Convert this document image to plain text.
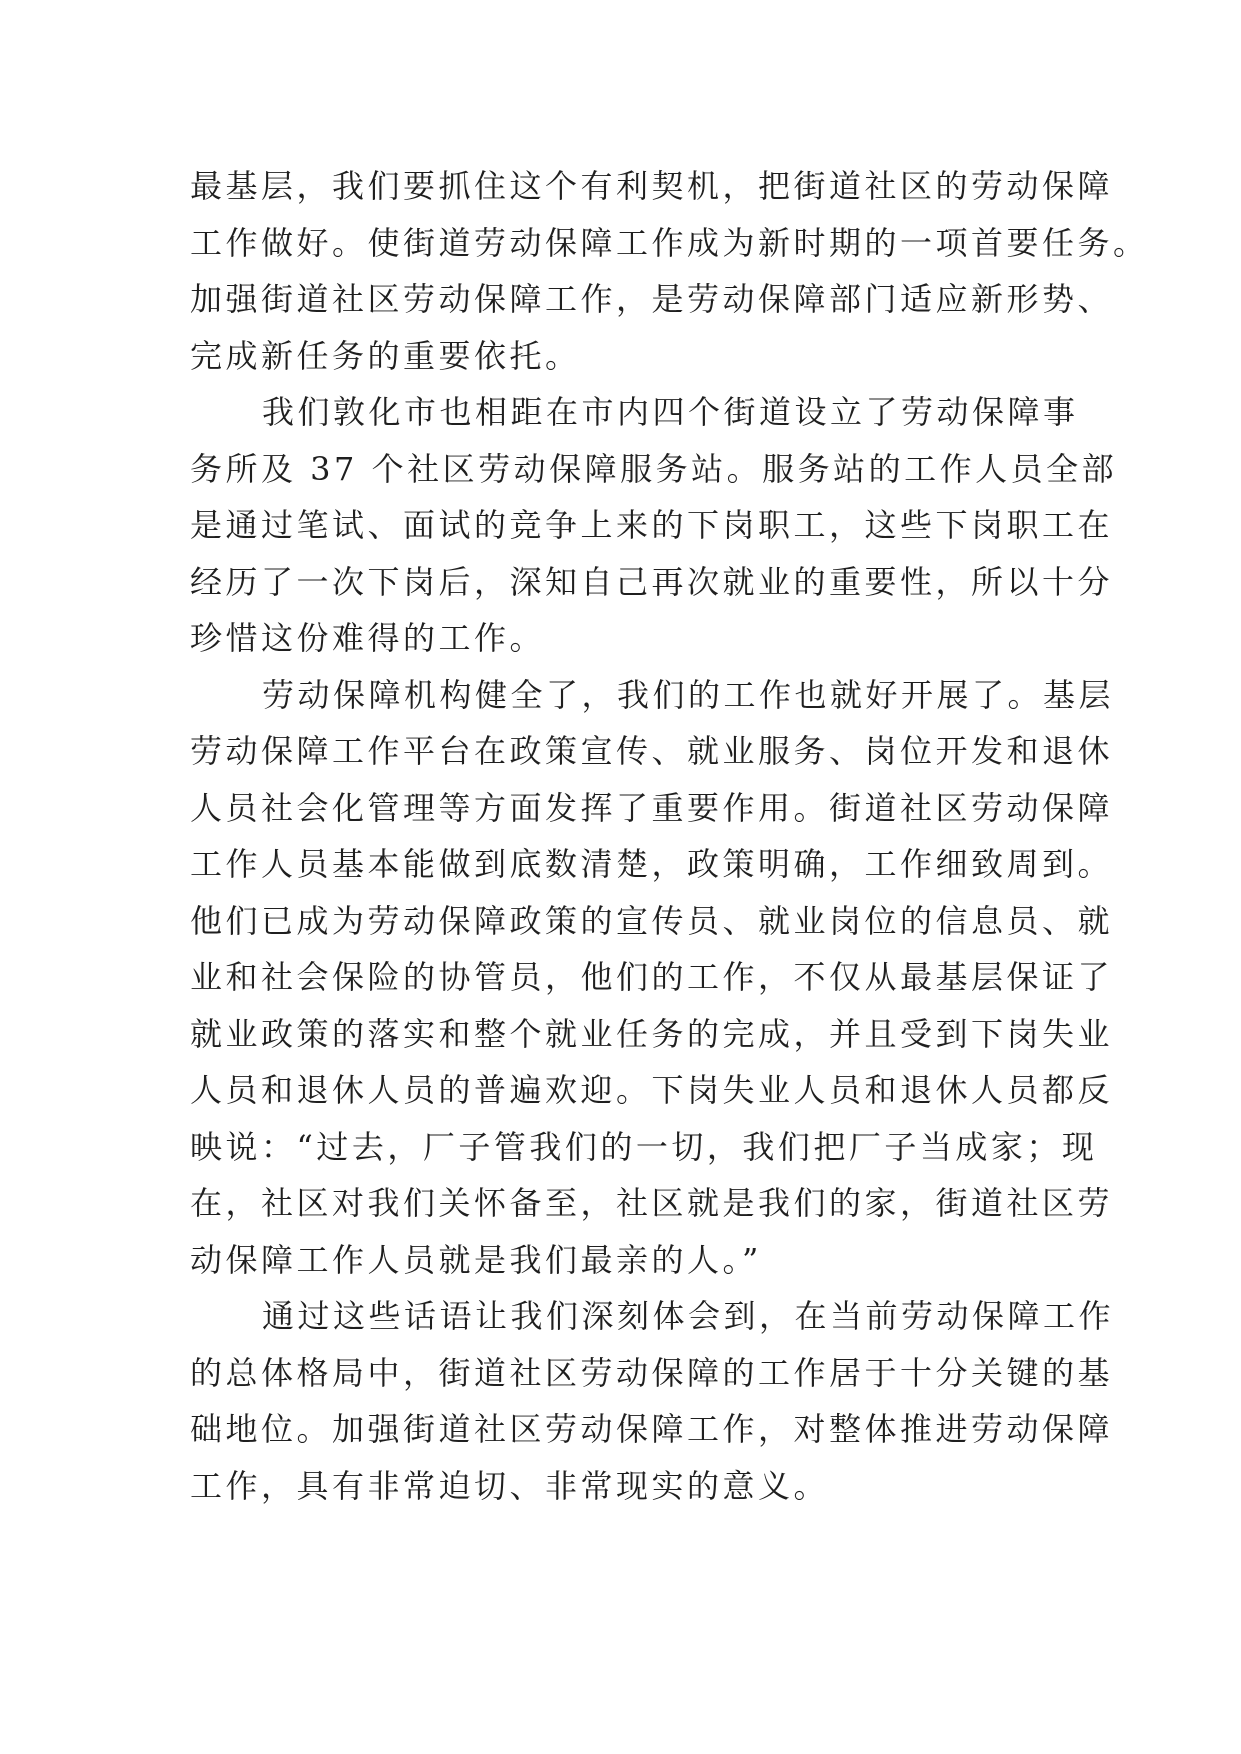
最基层，我们要抓住这个有利契机，把街道社区的劳动保障
工作做好。使街道劳动保障工作成为新时期的一项首要任务。
加强街道社区劳动保障工作，是劳动保障部门适应新形势、
完成新任务的重要依托。
我们敦化市也相距在市内四个街道设立了劳动保障事
务所及 37 个社区劳动保障服务站。服务站的工作人员全部
是通过笔试、面试的竞争上来的下岗职工，这些下岗职工在
经历了一次下岗后，深知自己再次就业的重要性，所以十分
珍惜这份难得的工作。
劳动保障机构健全了，我们的工作也就好开展了。基层
劳动保障工作平台在政策宣传、就业服务、岗位开发和退休
人员社会化管理等方面发挥了重要作用。街道社区劳动保障
工作人员基本能做到底数清楚，政策明确，工作细致周到。
他们已成为劳动保障政策的宣传员、就业岗位的信息员、就
业和社会保险的协管员，他们的工作，不仅从最基层保证了
就业政策的落实和整个就业任务的完成，并且受到下岗失业
人员和退休人员的普遍欢迎。下岗失业人员和退休人员都反
映说：“过去，厂子管我们的一切，我们把厂子当成家；现
在，社区对我们关怀备至，社区就是我们的家，街道社区劳
动保障工作人员就是我们最亲的人。”
通过这些话语让我们深刻体会到，在当前劳动保障工作
的总体格局中，街道社区劳动保障的工作居于十分关键的基
础地位。加强街道社区劳动保障工作，对整体推进劳动保障
工作，具有非常迫切、非常现实的意义。
